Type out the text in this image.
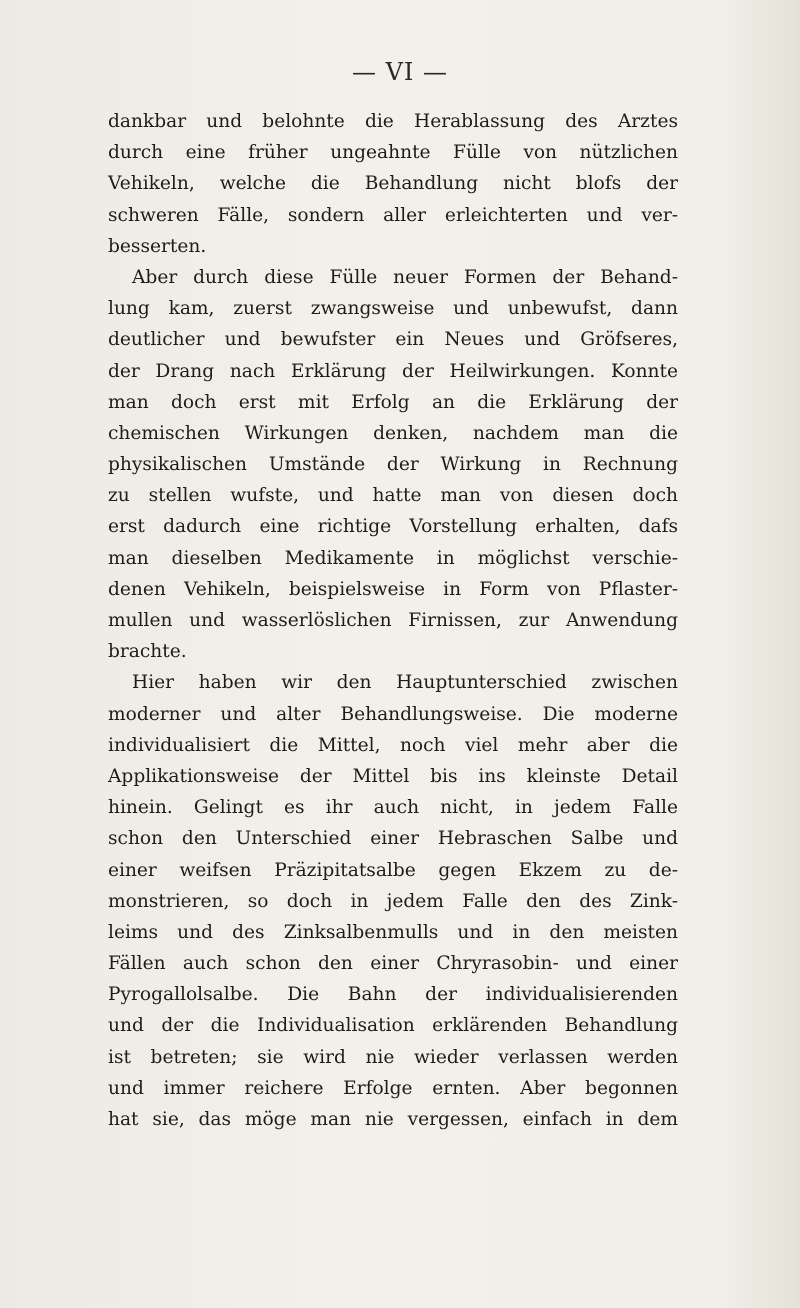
— VI —
dankbar und belohnte die Herablassung des Arztes
durch eine früher ungeahnte Fülle von nützlichen
Vehikeln, welche die Behandlung nicht blofs der
schweren Fälle, sondern aller erleichterten und ver-
besserten.
Aber durch diese Fülle neuer Formen der Behand-
lung kam, zuerst zwangsweise und unbewufst, dann
deutlicher und bewufster ein Neues und Gröfseres,
der Drang nach Erklärung der Heilwirkungen. Konnte
man doch erst mit Erfolg an die Erklärung der
chemischen Wirkungen denken, nachdem man die
physikalischen Umstände der Wirkung in Rechnung
zu stellen wufste, und hatte man von diesen doch
erst dadurch eine richtige Vorstellung erhalten, dafs
man dieselben Medikamente in möglichst verschie-
denen Vehikeln, beispielsweise in Form von Pflaster-
mullen und wasserlöslichen Firnissen, zur Anwendung
brachte.
Hier haben wir den Hauptunterschied zwischen
moderner und alter Behandlungsweise. Die moderne
individualisiert die Mittel, noch viel mehr aber die
Applikationsweise der Mittel bis ins kleinste Detail
hinein. Gelingt es ihr auch nicht, in jedem Falle
schon den Unterschied einer Hebraschen Salbe und
einer weifsen Präzipitatsalbe gegen Ekzem zu de-
monstrieren, so doch in jedem Falle den des Zink-
leims und des Zinksalbenmulls und in den meisten
Fällen auch schon den einer Chryrasobin- und einer
Pyrogallolsalbe. Die Bahn der individualisierenden
und der die Individualisation erklärenden Behandlung
ist betreten; sie wird nie wieder verlassen werden
und immer reichere Erfolge ernten. Aber begonnen
hat sie, das möge man nie vergessen, einfach in dem
